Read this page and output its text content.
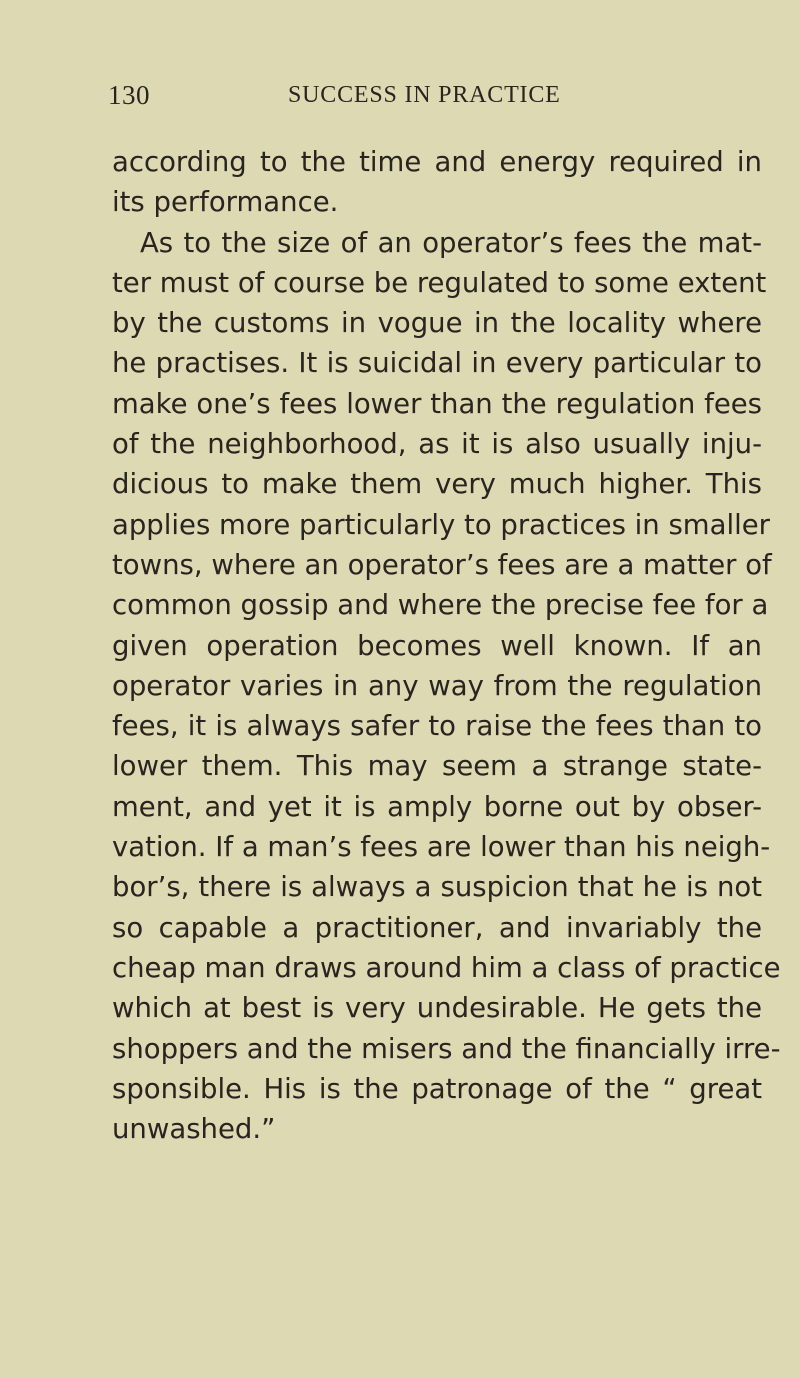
130	SUCCESS IN PRACTICE
according to the time and energy required in
its performance.
As to the size of an operator’s fees the mat-
ter must of course be regulated to some extent
by the customs in vogue in the locality where
he practises. It is suicidal in every particular to
make one’s fees lower than the regulation fees
of the neighborhood, as it is also usually inju-
dicious to make them very much higher. This
applies more particularly to practices in smaller
towns, where an operator’s fees are a matter of
common gossip and where the precise fee for a
given operation becomes well known. If an
operator varies in any way from the regulation
fees, it is always safer to raise the fees than to
lower them. This may seem a strange state-
ment, and yet it is amply borne out by obser-
vation. If a man’s fees are lower than his neigh-
bor’s, there is always a suspicion that he is not
so capable a practitioner, and invariably the
cheap man draws around him a class of practice
which at best is very undesirable. He gets the
shoppers and the misers and the financially irre-
sponsible. His is the patronage of the “ great
unwashed.”
